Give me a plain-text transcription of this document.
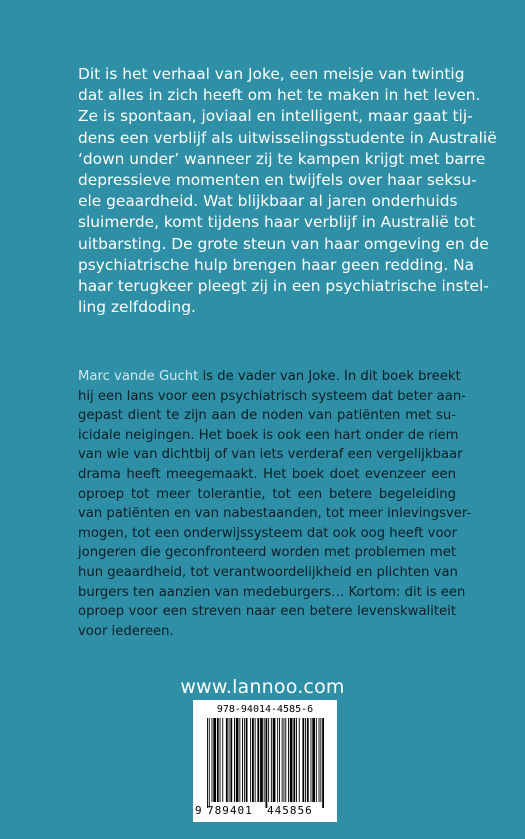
Dit is het verhaal van Joke, een meisje van twintig
dat alles in zich heeft om het te maken in het leven.
Ze is spontaan, joviaal en intelligent, maar gaat tij-
dens een verblijf als uitwisselingsstudente in Australië
‘down under’ wanneer zij te kampen krijgt met barre
depressieve momenten en twijfels over haar seksu-
ele geaardheid. Wat blijkbaar al jaren onderhuids
sluimerde, komt tijdens haar verblijf in Australië tot
uitbarsting. De grote steun van haar omgeving en de
psychiatrische hulp brengen haar geen redding. Na
haar terugkeer pleegt zij in een psychiatrische instel-
ling zelfdoding.
Marc vande Gucht is de vader van Joke. In dit boek breekt
hij een lans voor een psychiatrisch systeem dat beter aan-
gepast dient te zijn aan de noden van patiënten met su-
icidale neigingen. Het boek is ook een hart onder de riem
van wie van dichtbij of van iets verderaf een vergelijkbaar
drama heeft meegemaakt. Het boek doet evenzeer een
oproep tot meer tolerantie, tot een betere begeleiding
van patiënten en van nabestaanden, tot meer inlevingsver-
mogen, tot een onderwijssysteem dat ook oog heeft voor
jongeren die geconfronteerd worden met problemen met
hun geaardheid, tot verantwoordelijkheid en plichten van
burgers ten aanzien van medeburgers… Kortom: dit is een
oproep voor een streven naar een betere levenskwaliteit
voor iedereen.
www.lannoo.com
978-94014-4585-6
9 789401 445856
